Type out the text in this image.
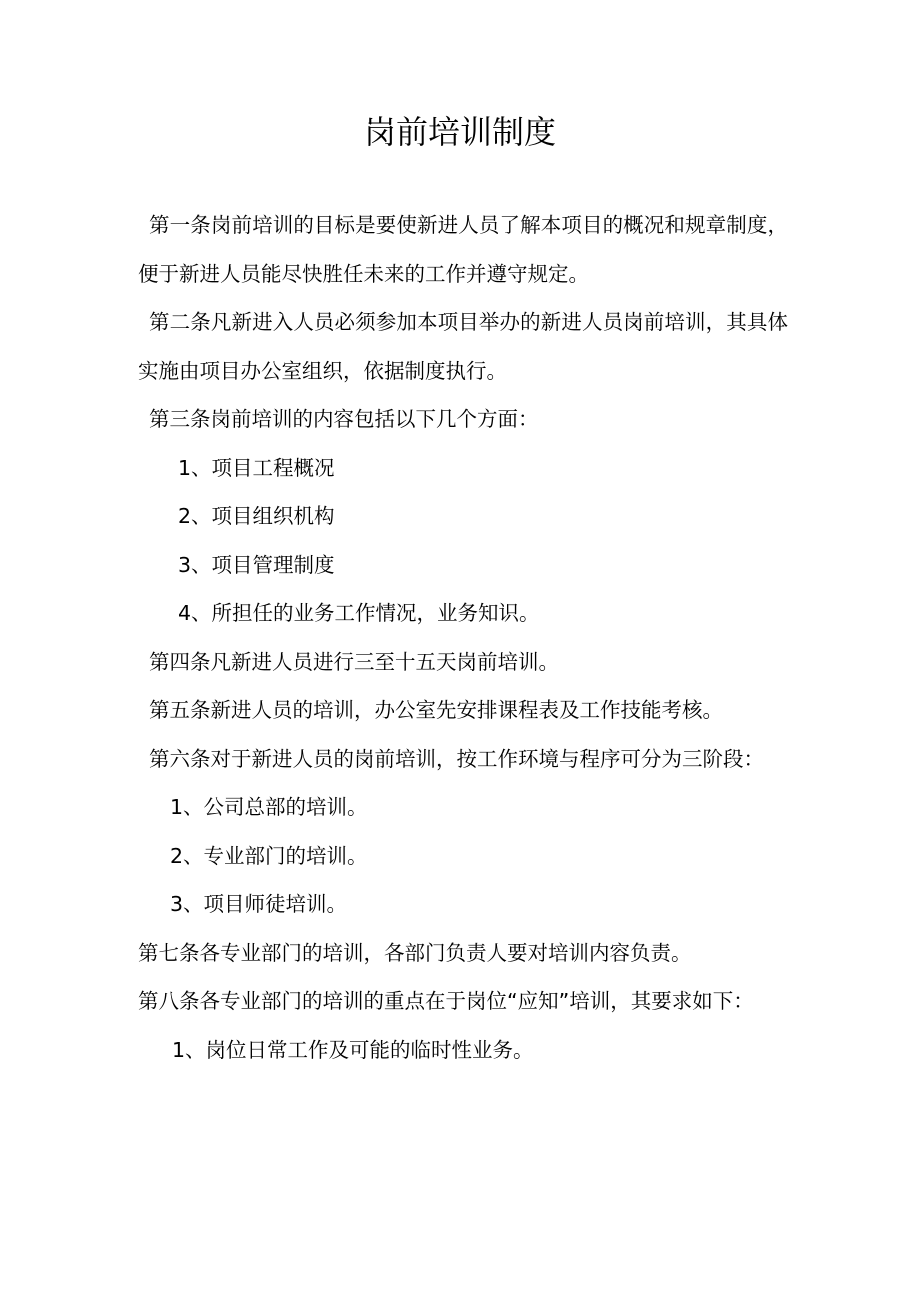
岗前培训制度

第一条岗前培训的目标是要使新进人员了解本项目的概况和规章制度，便于新进人员能尽快胜任未来的工作并遵守规定。

第二条凡新进入人员必须参加本项目举办的新进人员岗前培训，其具体实施由项目办公室组织，依据制度执行。

第三条岗前培训的内容包括以下几个方面：

1、项目工程概况

2、项目组织机构

3、项目管理制度

4、所担任的业务工作情况，业务知识。

第四条凡新进人员进行三至十五天岗前培训。

第五条新进人员的培训，办公室先安排课程表及工作技能考核。

第六条对于新进人员的岗前培训，按工作环境与程序可分为三阶段：

1、公司总部的培训。

2、专业部门的培训。

3、项目师徒培训。

第七条各专业部门的培训，各部门负责人要对培训内容负责。

第八条各专业部门的培训的重点在于岗位“应知”培训，其要求如下：

1、岗位日常工作及可能的临时性业务。
